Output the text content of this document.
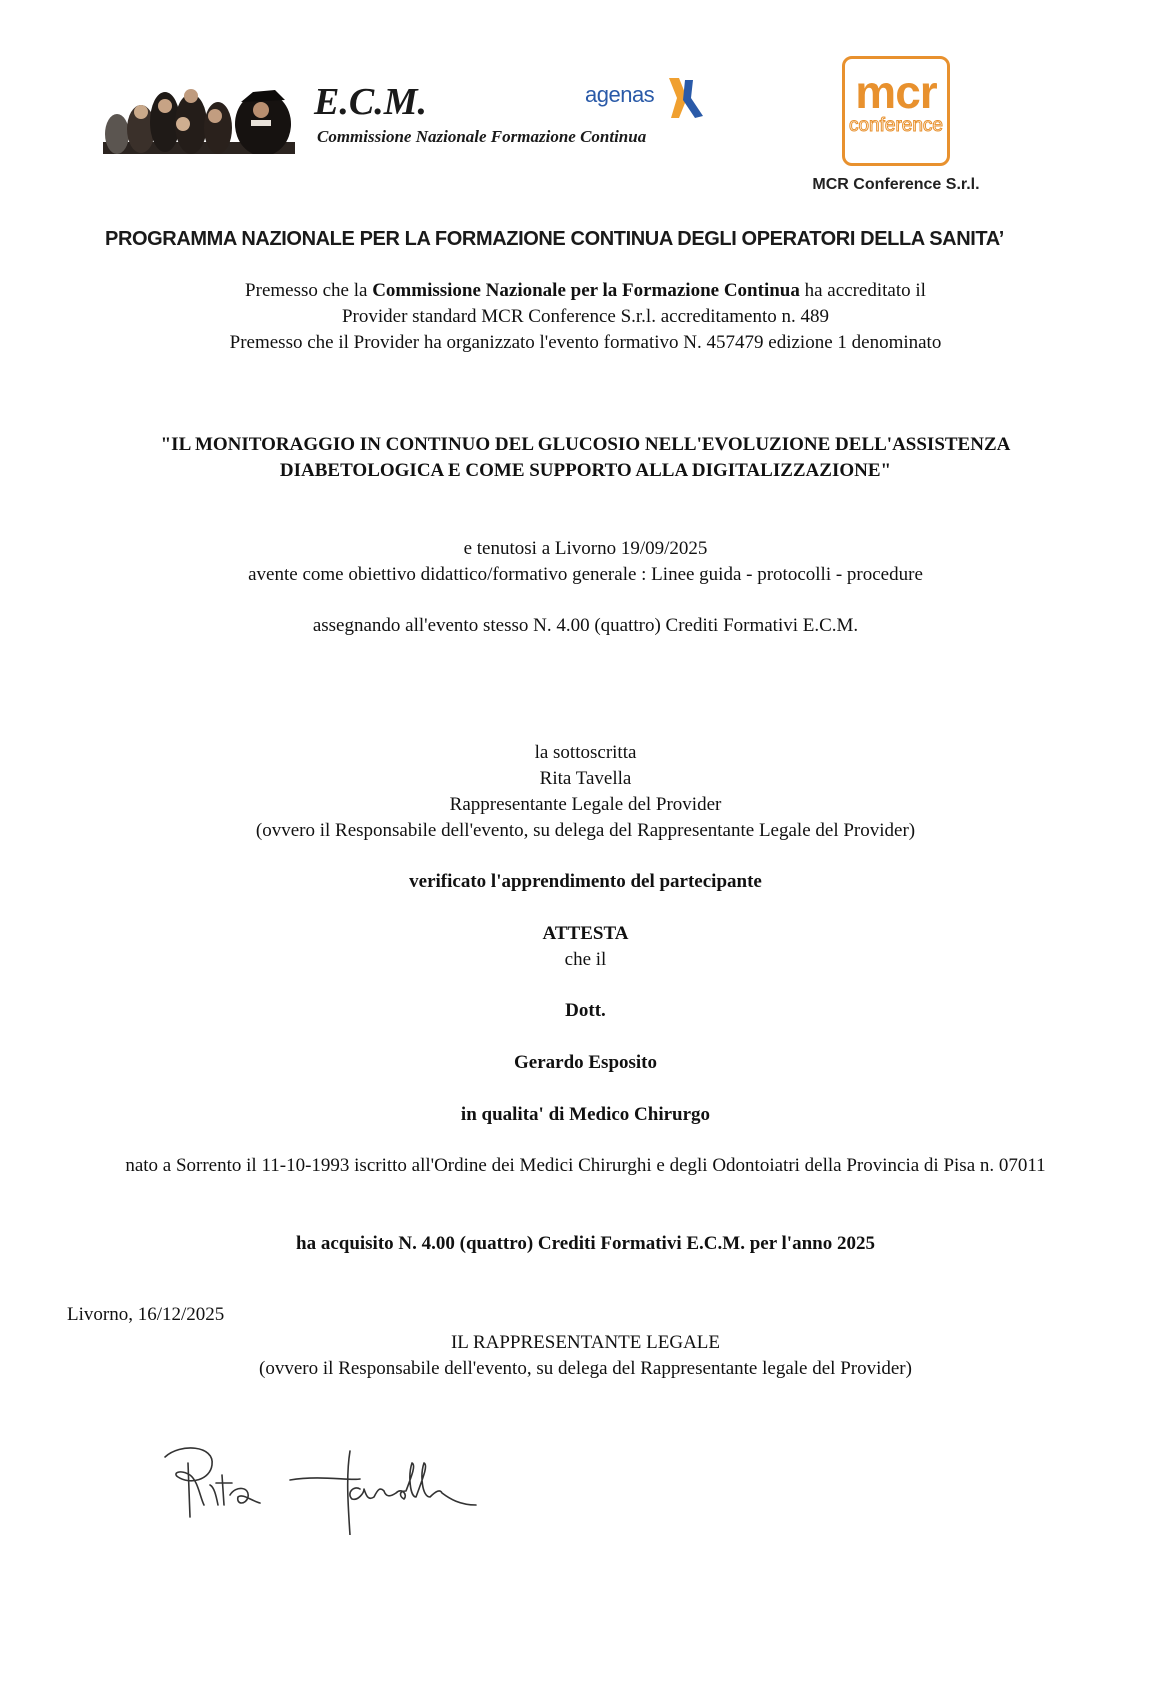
E.C.M.
Commissione Nazionale Formazione Continua
agenas	mcr
conference
MCR Conference S.r.l.
PROGRAMMA NAZIONALE PER LA FORMAZIONE CONTINUA DEGLI OPERATORI DELLA SANITA’
Premesso che la Commissione Nazionale per la Formazione Continua ha accreditato il
Provider standard MCR Conference S.r.l. accreditamento n. 489
Premesso che il Provider ha organizzato l'evento formativo N. 457479 edizione 1 denominato
"IL MONITORAGGIO IN CONTINUO DEL GLUCOSIO NELL'EVOLUZIONE DELL'ASSISTENZA
DIABETOLOGICA E COME SUPPORTO ALLA DIGITALIZZAZIONE"
e tenutosi a Livorno 19/09/2025
avente come obiettivo didattico/formativo generale : Linee guida - protocolli - procedure
assegnando all'evento stesso N. 4.00 (quattro) Crediti Formativi E.C.M.
la sottoscritta
Rita Tavella
Rappresentante Legale del Provider
(ovvero il Responsabile dell'evento, su delega del Rappresentante Legale del Provider)
verificato l'apprendimento del partecipante
ATTESTA
che il
Dott.
Gerardo Esposito
in qualita' di Medico Chirurgo
nato a Sorrento il 11-10-1993 iscritto all'Ordine dei Medici Chirurghi e degli Odontoiatri della Provincia di Pisa n. 07011
ha acquisito N. 4.00 (quattro) Crediti Formativi E.C.M. per l'anno 2025
Livorno, 16/12/2025
IL RAPPRESENTANTE LEGALE
(ovvero il Responsabile dell'evento, su delega del Rappresentante legale del Provider)
